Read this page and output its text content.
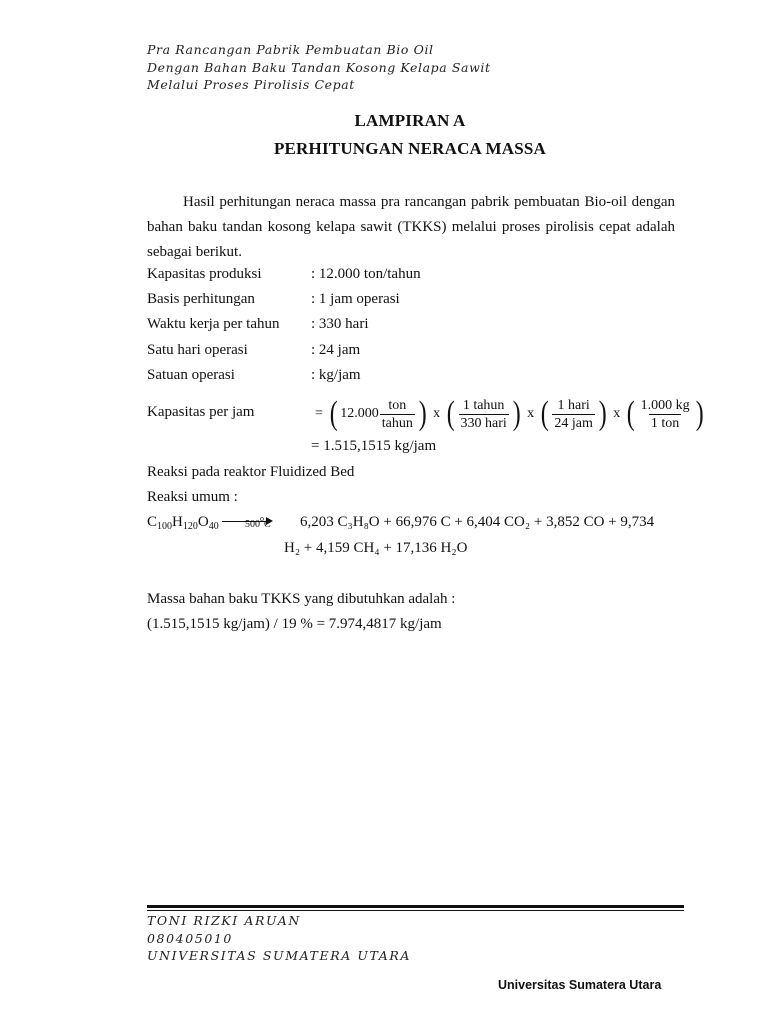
Pra Rancangan Pabrik Pembuatan Bio Oil
Dengan Bahan Baku Tandan Kosong Kelapa Sawit
Melalui Proses Pirolisis Cepat
LAMPIRAN A
PERHITUNGAN NERACA MASSA
Hasil perhitungan neraca massa pra rancangan pabrik pembuatan Bio-oil dengan bahan baku tandan kosong kelapa sawit (TKKS) melalui proses pirolisis cepat adalah sebagai berikut.
Kapasitas produksi	: 12.000 ton/tahun
Basis perhitungan	: 1 jam operasi
Waktu kerja per tahun : 330 hari
Satu hari operasi	: 24 jam
Satuan operasi	: kg/jam
Kapasitas per jam	= ( $12.000 \frac{\text{ton}}{\text{tahun}}$ ) x ( $\frac{\text{1 tahun}}{\text{330 hari}}$ ) x ( $\frac{\text{1 hari}}{\text{24 jam}}$ ) x ( $\frac{1.000 kg}{\text{1 ton}}$ )
= 1.515,1515 kg/jam
Reaksi pada reaktor Fluidized Bed
Reaksi umum :
$C_{100}H_{120}O_{40}$	500$^o$C 6,203 C₃H₈O + 66,976 C + 6,404 CO₂ + 3,852 CO + 9,734
H₂ + 4,159 CH₄ + 17,136 H₂O
Massa bahan baku TKKS yang dibutuhkan adalah :
(1.515,1515 kg/jam) / 19 % = 7.974,4817 kg/jam
TONI RIZKI ARUAN
080405010
UNIVERSITAS SUMATERA UTARA
Universitas Sumatera Utara
